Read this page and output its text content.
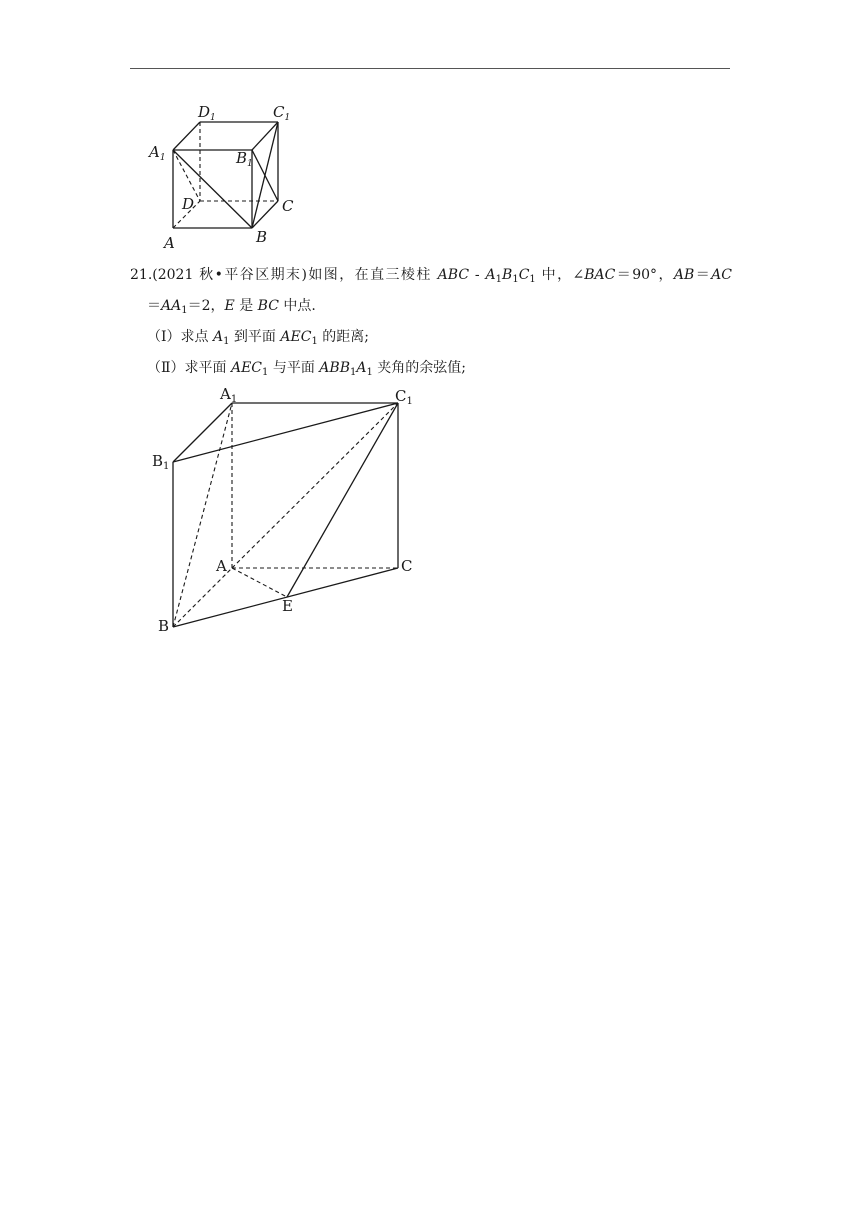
$D_1$	$C_1$
$A_1$	$B_1$
D	C
A	B

21.(2021 秋•平谷区期末)如图，在直三棱柱 ABC - $A_1B_1C_1$ 中，∠BAC＝90°，AB＝AC

$=AA_1=2$，E 是 BC 中点.

（Ⅰ）求点 $A_1$ 到平面 $AEC_1$ 的距离;

（Ⅱ）求平面 $AEC_1$ 与平面 $ABB_1A_1$ 夹角的余弦值;

$A_1$	$C_1$
$B_1$
A	C
E
B
